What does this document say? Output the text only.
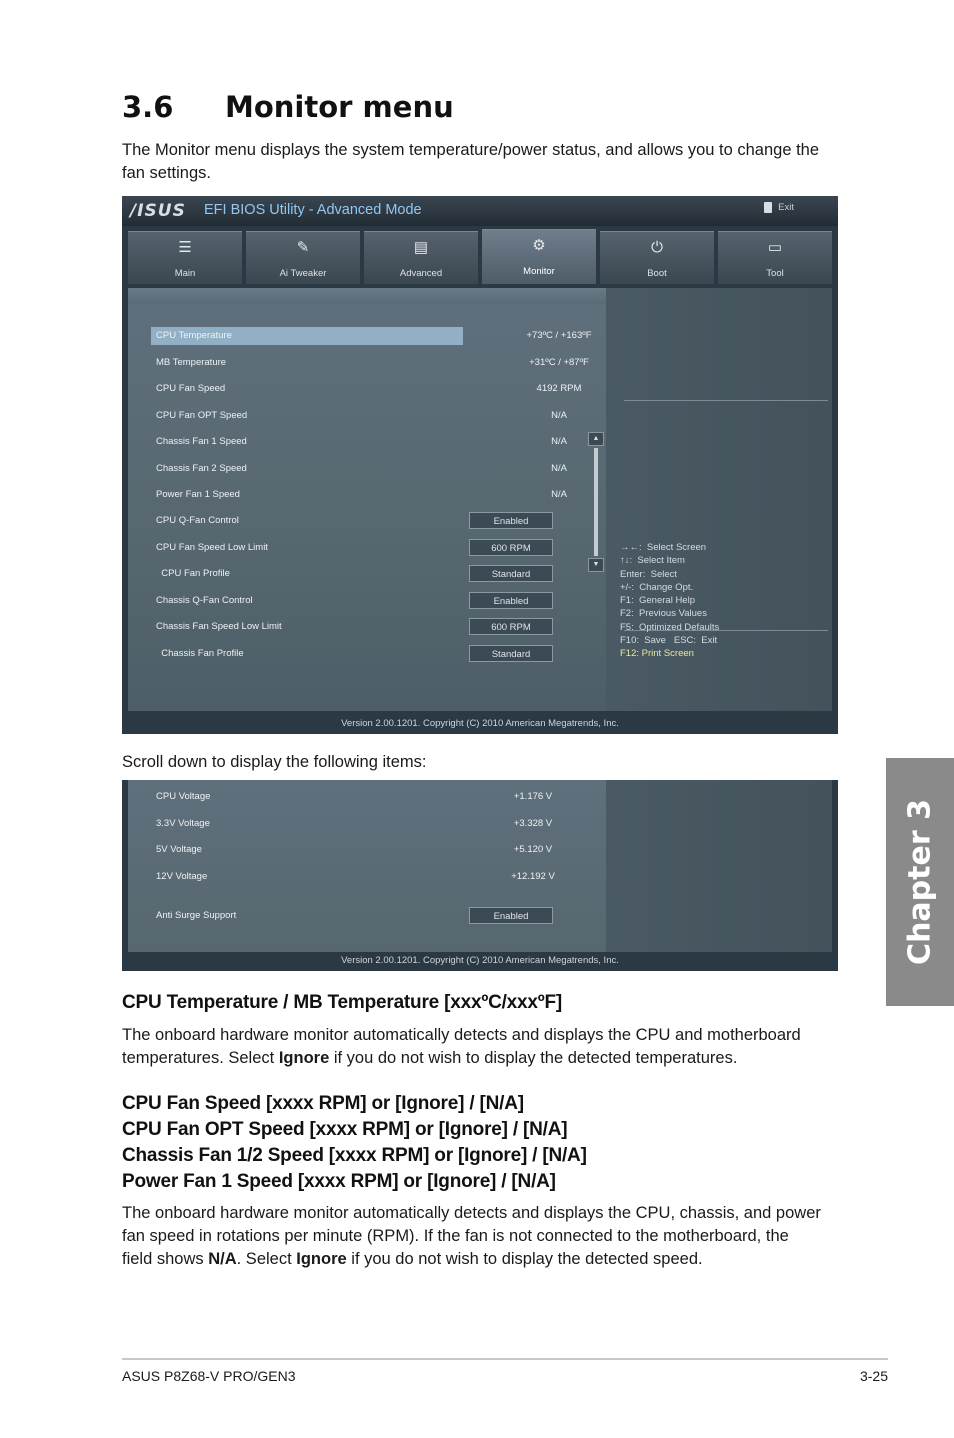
3.6 Monitor menu

The Monitor menu displays the system temperature/power status, and allows you to change the fan settings.

/ISUS EFI BIOS Utility - Advanced Mode	Exit
☰
Main
✎
Ai Tweaker
▤
Advanced
⚙
Monitor
⏻
Boot
▭
Tool
CPU Temperature	+73ºC / +163ºF
MB Temperature	+31ºC / +87ºF
CPU Fan Speed	4192 RPM
CPU Fan OPT Speed	N/A
Chassis Fan 1 Speed	N/A
Chassis Fan 2 Speed	N/A
Power Fan 1 Speed	N/A
CPU Q-Fan Control	Enabled
CPU Fan Speed Low Limit	600 RPM
CPU Fan Profile	Standard
Chassis Q-Fan Control	Enabled
Chassis Fan Speed Low Limit	600 RPM
Chassis Fan Profile	Standard
▲
▼
→←:  Select Screen
↑↓:  Select Item
Enter:  Select
+/-:  Change Opt.
F1:  General Help
F2:  Previous Values
F5:  Optimized Defaults
F10:  Save   ESC:  Exit
F12: Print Screen
Version 2.00.1201. Copyright (C) 2010 American Megatrends, Inc.

Scroll down to display the following items:

CPU Voltage	+1.176 V
3.3V Voltage	+3.328 V
5V Voltage	+5.120 V
12V Voltage	+12.192 V
Anti Surge Support	Enabled
Version 2.00.1201. Copyright (C) 2010 American Megatrends, Inc.
CPU Temperature / MB Temperature [xxxºC/xxxºF]

The onboard hardware monitor automatically detects and displays the CPU and motherboard temperatures. Select Ignore if you do not wish to display the detected temperatures.

CPU Fan Speed [xxxx RPM] or [Ignore] / [N/A]
CPU Fan OPT Speed [xxxx RPM] or [Ignore] / [N/A]
Chassis Fan 1/2 Speed [xxxx RPM] or [Ignore] / [N/A]
Power Fan 1 Speed [xxxx RPM] or [Ignore] / [N/A]

The onboard hardware monitor automatically detects and displays the CPU, chassis, and power fan speed in rotations per minute (RPM). If the fan is not connected to the motherboard, the field shows N/A. Select Ignore if you do not wish to display the detected speed.

Chapter 3
ASUS P8Z68-V PRO/GEN3	3-25
